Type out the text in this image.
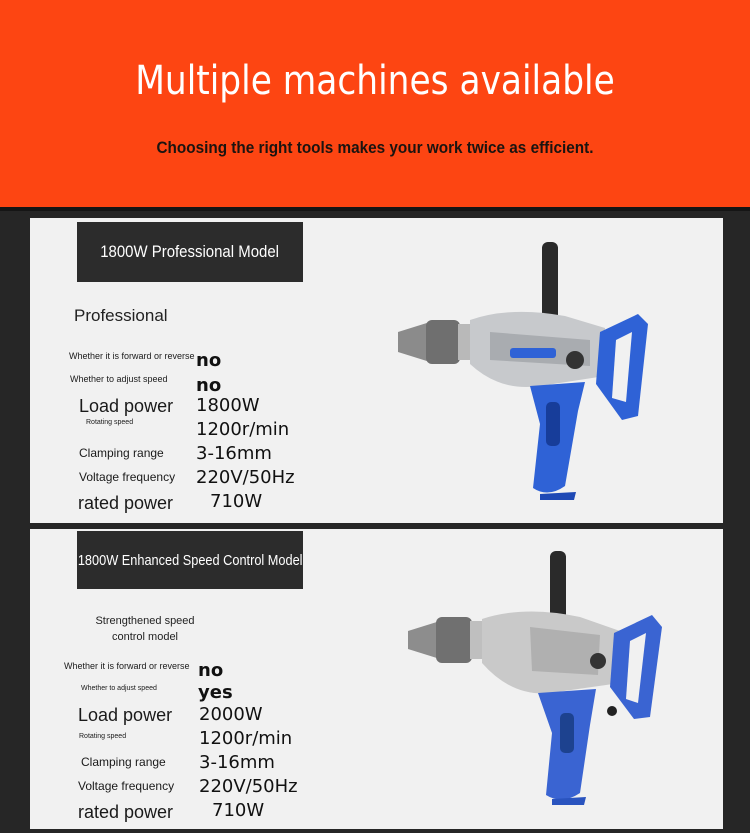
Multiple machines available
Choosing the right tools makes your work twice as efficient.
1800W Professional Model
Professional
Whether it is forward or reverse no
Whether to adjust speed no
Load power 1800W
Rotating speed	1200r/min
Clamping range 3-16mm
Voltage frequency 220V/50Hz
rated power 710W
1800W Enhanced Speed Control Model
Strengthened speed control model
Whether it is forward or reverse no
Whether to adjust speed yes
Load power 2000W
Rotating speed	1200r/min
Clamping range 3-16mm
Voltage frequency 220V/50Hz
rated power 710W
